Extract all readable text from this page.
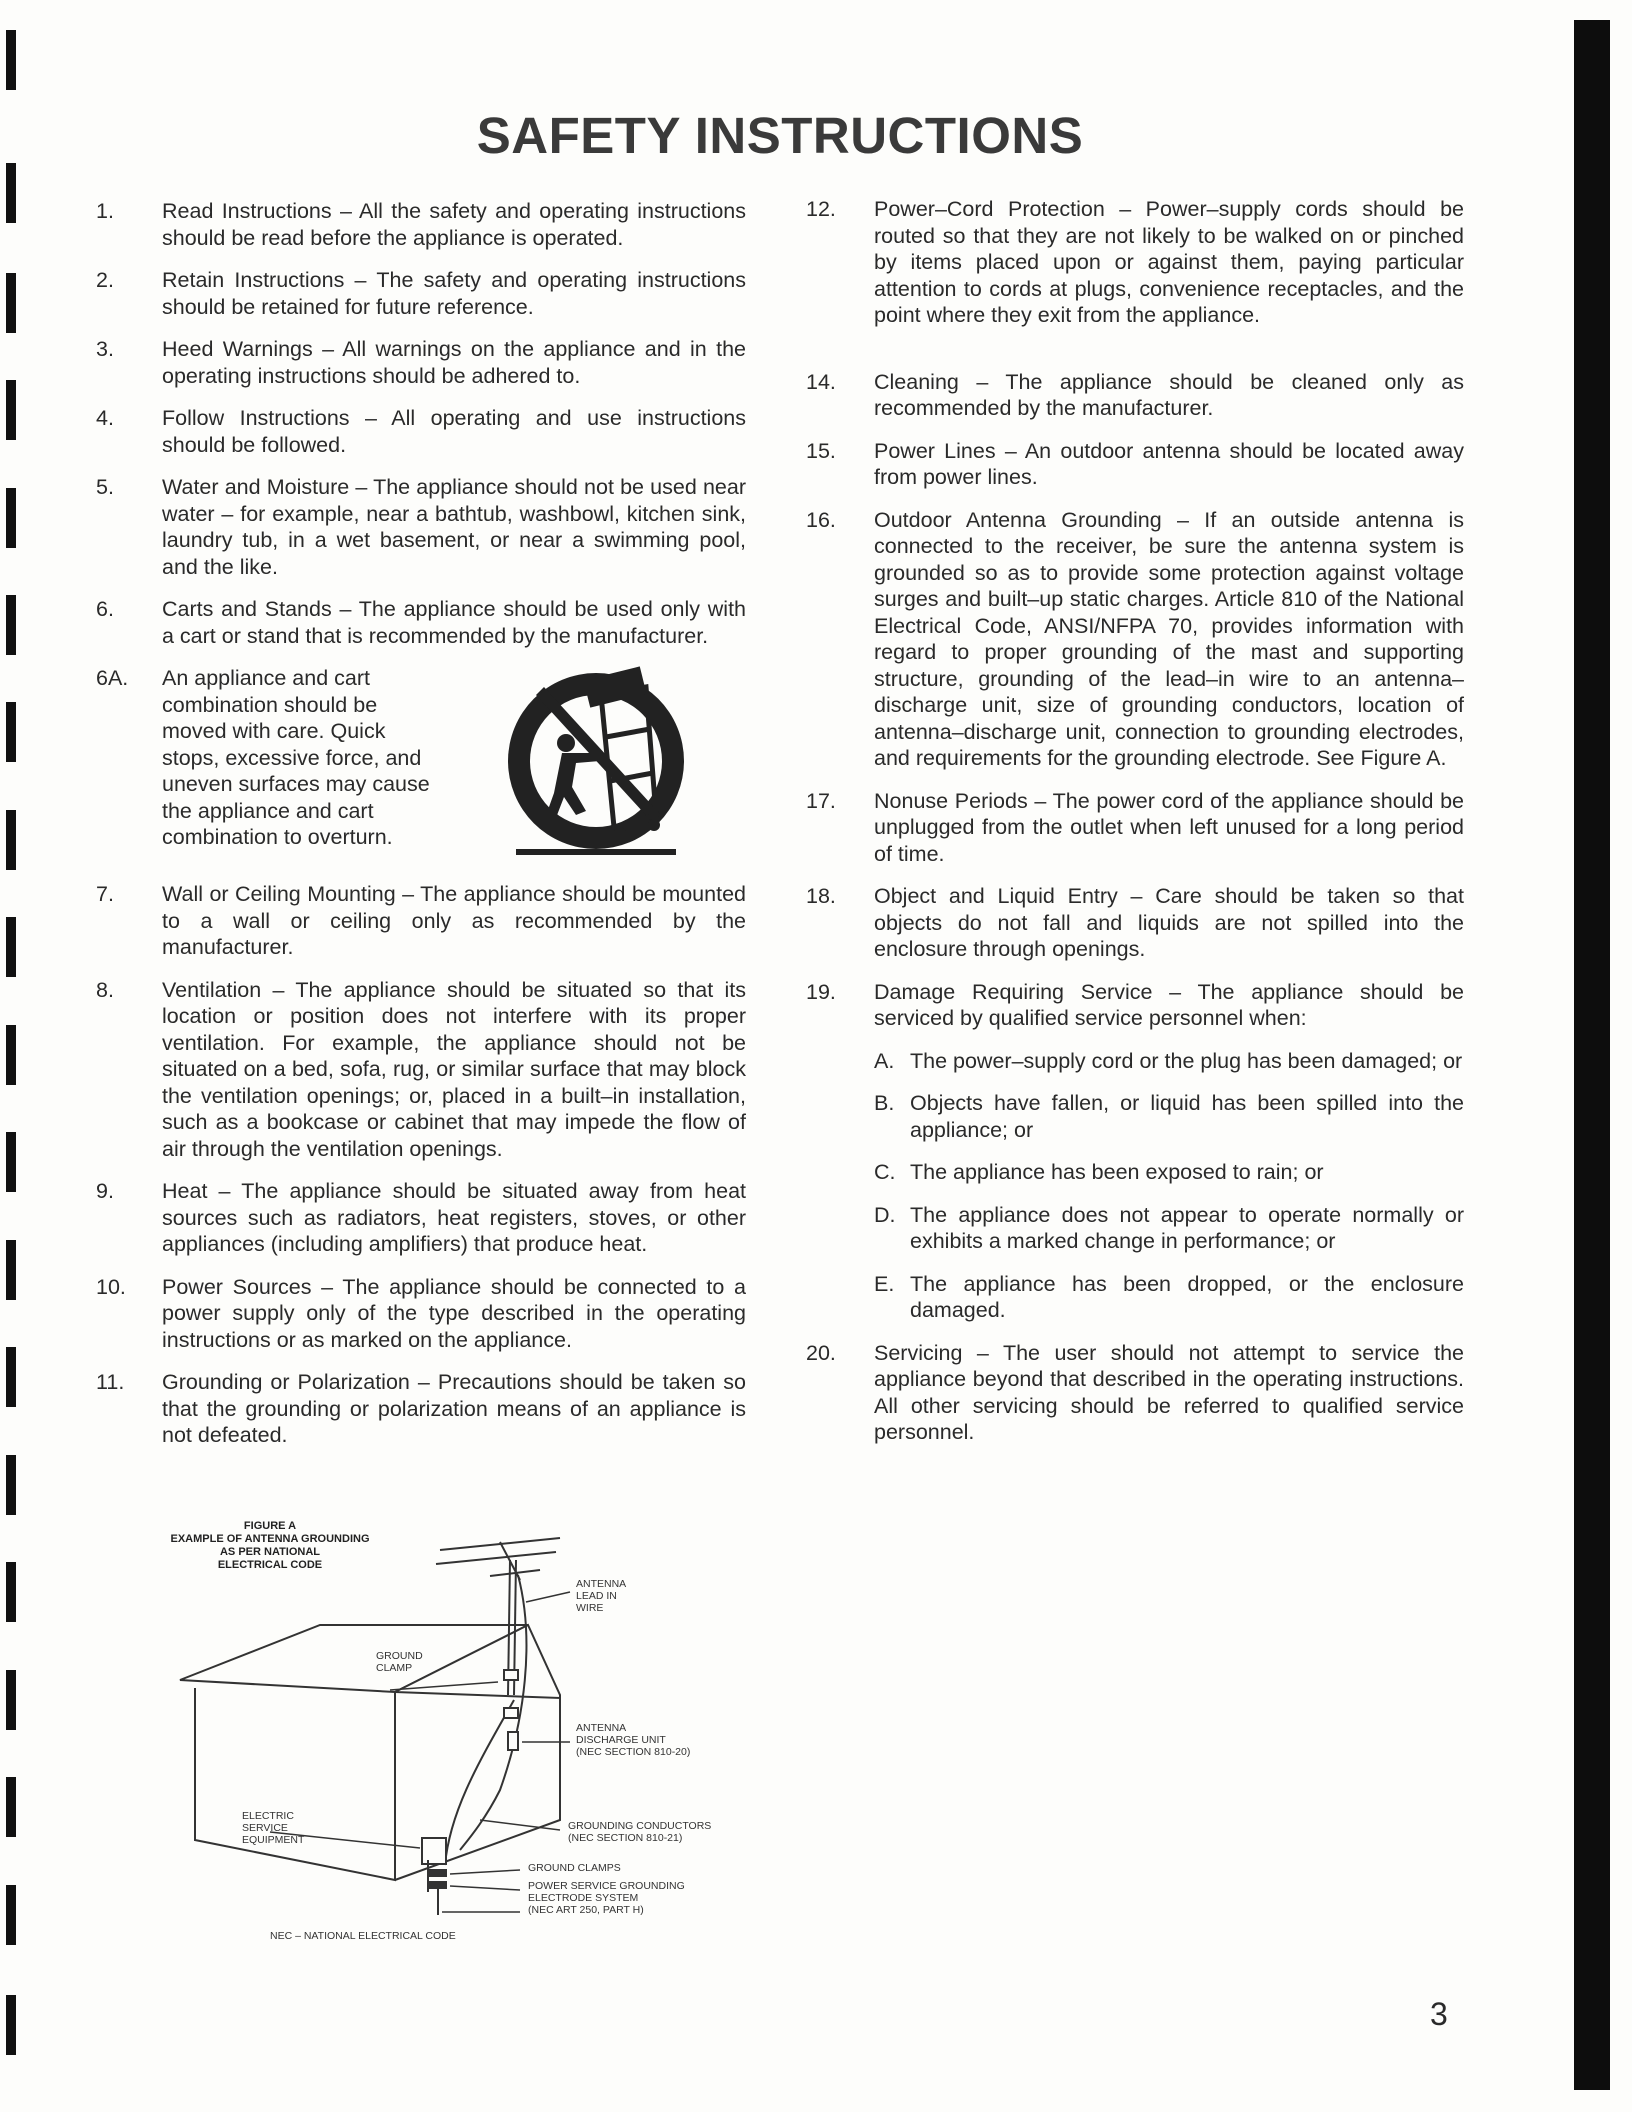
SAFETY INSTRUCTIONS
1. Read Instructions – All the safety and operating instructions should be read before the appliance is operated.
2. Retain Instructions – The safety and operating instructions should be retained for future reference.
3. Heed Warnings – All warnings on the appliance and in the operating instructions should be adhered to.
4. Follow Instructions – All operating and use instructions should be followed.
5. Water and Moisture – The appliance should not be used near water – for example, near a bathtub, washbowl, kitchen sink, laundry tub, in a wet basement, or near a swimming pool, and the like.
6. Carts and Stands – The appliance should be used only with a cart or stand that is recommended by the manufacturer.
6A. An appliance and cart combination should be moved with care. Quick stops, excessive force, and uneven surfaces may cause the appliance and cart combination to overturn.
7. Wall or Ceiling Mounting – The appliance should be mounted to a wall or ceiling only as recommended by the manufacturer.
8. Ventilation – The appliance should be situated so that its location or position does not interfere with its proper ventilation. For example, the appliance should not be situated on a bed, sofa, rug, or similar surface that may block the ventilation openings; or, placed in a built–in installation, such as a bookcase or cabinet that may impede the flow of air through the ventilation openings.
9. Heat – The appliance should be situated away from heat sources such as radiators, heat registers, stoves, or other appliances (including amplifiers) that produce heat.
10. Power Sources – The appliance should be connected to a power supply only of the type described in the operating instructions or as marked on the appliance.
11. Grounding or Polarization – Precautions should be taken so that the grounding or polarization means of an appliance is not defeated.
12. Power–Cord Protection – Power–supply cords should be routed so that they are not likely to be walked on or pinched by items placed upon or against them, paying particular attention to cords at plugs, convenience receptacles, and the point where they exit from the appliance.
14. Cleaning – The appliance should be cleaned only as recommended by the manufacturer.
15. Power Lines – An outdoor antenna should be located away from power lines.
16. Outdoor Antenna Grounding – If an outside antenna is connected to the receiver, be sure the antenna system is grounded so as to provide some protection against voltage surges and built–up static charges. Article 810 of the National Electrical Code, ANSI/NFPA 70, provides information with regard to proper grounding of the mast and supporting structure, grounding of the lead–in wire to an antenna–discharge unit, size of grounding conductors, location of antenna–discharge unit, connection to grounding electrodes, and requirements for the grounding electrode. See Figure A.
17. Nonuse Periods – The power cord of the appliance should be unplugged from the outlet when left unused for a long period of time.
18. Object and Liquid Entry – Care should be taken so that objects do not fall and liquids are not spilled into the enclosure through openings.
19. Damage Requiring Service – The appliance should be serviced by qualified service personnel when:
A. The power–supply cord or the plug has been damaged; or
B. Objects have fallen, or liquid has been spilled into the appliance; or
C. The appliance has been exposed to rain; or
D. The appliance does not appear to operate normally or exhibits a marked change in performance; or
E. The appliance has been dropped, or the enclosure damaged.
20. Servicing – The user should not attempt to service the appliance beyond that described in the operating instructions. All other servicing should be referred to qualified service personnel.
FIGURE A
EXAMPLE OF ANTENNA GROUNDING
AS PER NATIONAL
ELECTRICAL CODE
ANTENNA
LEAD IN
WIRE
GROUND
CLAMP
ANTENNA
DISCHARGE UNIT
(NEC SECTION 810-20)
ELECTRIC
SERVICE
EQUIPMENT
GROUNDING CONDUCTORS
(NEC SECTION 810-21)
GROUND CLAMPS
POWER SERVICE GROUNDING
ELECTRODE SYSTEM
(NEC ART 250, PART H)
NEC – NATIONAL ELECTRICAL CODE
3
